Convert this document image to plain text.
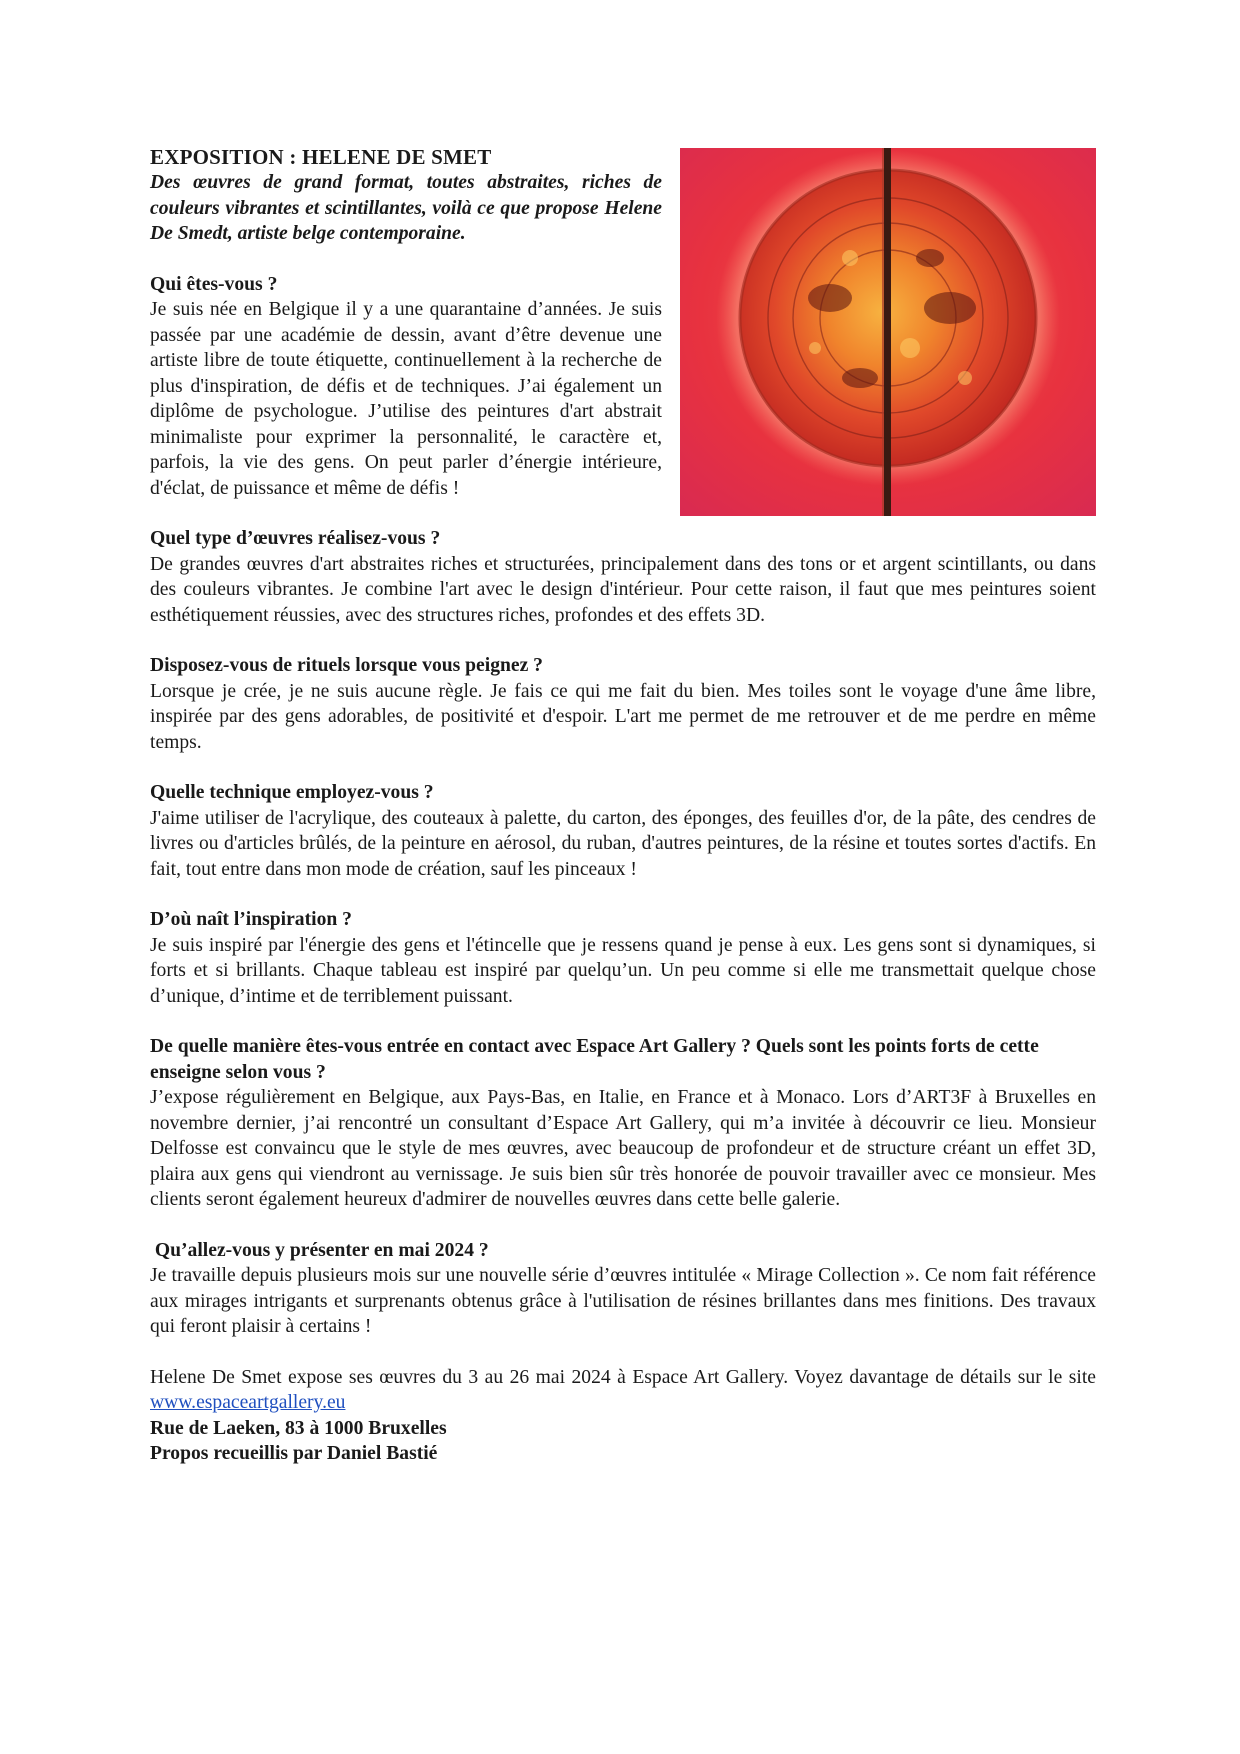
EXPOSITION : HELENE DE SMET

Des œuvres de grand format, toutes abstraites, riches de couleurs vibrantes et scintillantes, voilà ce que propose Helene De Smedt, artiste belge contemporaine.

Qui êtes-vous ?

Je suis née en Belgique il y a une quarantaine d’années. Je suis passée par une académie de dessin, avant d’être devenue une artiste libre de toute étiquette, continuellement à la recherche de plus d'inspiration, de défis et de techniques. J’ai également un diplôme de psychologue. J’utilise des peintures d'art abstrait minimaliste pour exprimer la personnalité, le caractère et, parfois, la vie des gens. On peut parler d’énergie intérieure, d'éclat, de puissance et même de défis !

Quel type d’œuvres réalisez-vous ?

De grandes œuvres d'art abstraites riches et structurées, principalement dans des tons or et argent scintillants, ou dans des couleurs vibrantes. Je combine l'art avec le design d'intérieur. Pour cette raison, il faut que mes peintures soient esthétiquement réussies, avec des structures riches, profondes et des effets 3D.

Disposez-vous de rituels lorsque vous peignez ?

Lorsque je crée, je ne suis aucune règle. Je fais ce qui me fait du bien. Mes toiles sont le voyage d'une âme libre, inspirée par des gens adorables, de positivité et d'espoir. L'art me permet de me retrouver et de me perdre en même temps.

Quelle technique employez-vous ?

J'aime utiliser de l'acrylique, des couteaux à palette, du carton, des éponges, des feuilles d'or, de la pâte, des cendres de livres ou d'articles brûlés, de la peinture en aérosol, du ruban, d'autres peintures, de la résine et toutes sortes d'actifs. En fait, tout entre dans mon mode de création, sauf les pinceaux !

D’où naît l’inspiration ?

Je suis inspiré par l'énergie des gens et l'étincelle que je ressens quand je pense à eux. Les gens sont si dynamiques, si forts et si brillants. Chaque tableau est inspiré par quelqu’un. Un peu comme si elle me transmettait quelque chose d’unique, d’intime et de terriblement puissant.

De quelle manière êtes-vous entrée en contact avec Espace Art Gallery ? Quels sont les points forts de cette enseigne selon vous ?

J’expose régulièrement en Belgique, aux Pays-Bas, en Italie, en France et à Monaco. Lors d’ART3F à Bruxelles en novembre dernier, j’ai rencontré un consultant d’Espace Art Gallery, qui m’a invitée à découvrir ce lieu. Monsieur Delfosse est convaincu que le style de mes œuvres, avec beaucoup de profondeur et de structure créant un effet 3D, plaira aux gens qui viendront au vernissage. Je suis bien sûr très honorée de pouvoir travailler avec ce monsieur. Mes clients seront également heureux d'admirer de nouvelles œuvres dans cette belle galerie.

Qu’allez-vous y présenter en mai 2024 ?

Je travaille depuis plusieurs mois sur une nouvelle série d’œuvres intitulée « Mirage Collection ». Ce nom fait référence aux mirages intrigants et surprenants obtenus grâce à l'utilisation de résines brillantes dans mes finitions. Des travaux qui feront plaisir à certains !

Helene De Smet expose ses œuvres du 3 au 26 mai 2024 à Espace Art Gallery. Voyez davantage de détails sur le site www.espaceartgallery.eu

Rue de Laeken, 83 à 1000 Bruxelles

Propos recueillis par Daniel Bastié
